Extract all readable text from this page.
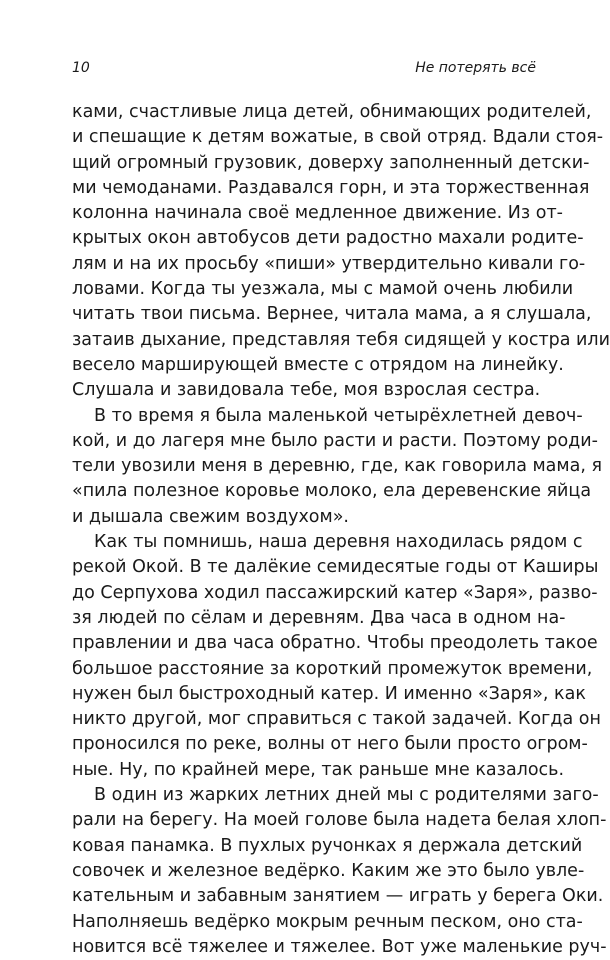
10	Не потерять всё
ками, счастливые лица детей, обнимающих родителей,
и спешащие к детям вожатые, в свой отряд. Вдали стоя-
щий огромный грузовик, доверху заполненный детски-
ми чемоданами. Раздавался горн, и эта торжественная
колонна начинала своё медленное движение. Из от-
крытых окон автобусов дети радостно махали родите-
лям и на их просьбу «пиши» утвердительно кивали го-
ловами. Когда ты уезжала, мы с мамой очень любили
читать твои письма. Вернее, читала мама, а я слушала,
затаив дыхание, представляя тебя сидящей у костра или
весело марширующей вместе с отрядом на линейку.
Слушала и завидовала тебе, моя взрослая сестра.
В то время я была маленькой четырёхлетней девоч-
кой, и до лагеря мне было расти и расти. Поэтому роди-
тели увозили меня в деревню, где, как говорила мама, я
«пила полезное коровье молоко, ела деревенские яйца
и дышала свежим воздухом».
Как ты помнишь, наша деревня находилась рядом с
рекой Окой. В те далёкие семидесятые годы от Каширы
до Серпухова ходил пассажирский катер «Заря», разво-
зя людей по сёлам и деревням. Два часа в одном на-
правлении и два часа обратно. Чтобы преодолеть такое
большое расстояние за короткий промежуток времени,
нужен был быстроходный катер. И именно «Заря», как
никто другой, мог справиться с такой задачей. Когда он
проносился по реке, волны от него были просто огром-
ные. Ну, по крайней мере, так раньше мне казалось.
В один из жарких летних дней мы с родителями заго-
рали на берегу. На моей голове была надета белая хлоп-
ковая панамка. В пухлых ручонках я держала детский
совочек и железное ведёрко. Каким же это было увле-
кательным и забавным занятием — играть у берега Оки.
Наполняешь ведёрко мокрым речным песком, оно ста-
новится всё тяжелее и тяжелее. Вот уже маленькие руч-
